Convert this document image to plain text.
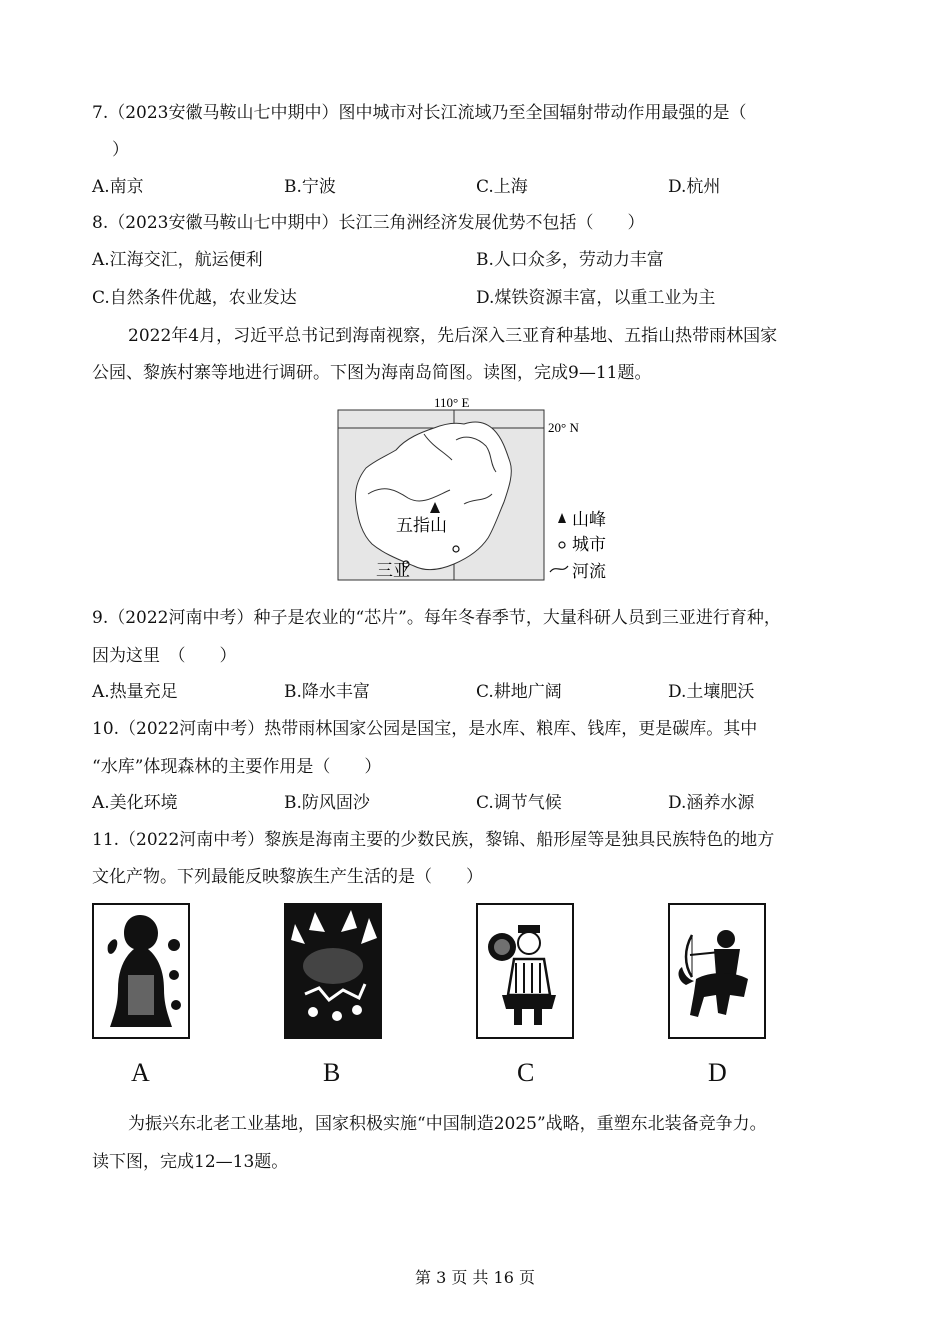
7.（2023安徽马鞍山七中期中）图中城市对长江流域乃至全国辐射带动作用最强的是（
）
A.南京	B.宁波	C.上海	D.杭州
8.（2023安徽马鞍山七中期中）长江三角洲经济发展优势不包括（　　）
A.江海交汇，航运便利	B.人口众多，劳动力丰富
C.自然条件优越，农业发达	D.煤铁资源丰富，以重工业为主
2022年4月，习近平总书记到海南视察，先后深入三亚育种基地、五指山热带雨林国家
公园、黎族村寨等地进行调研。下图为海南岛简图。读图，完成9—11题。
110° E
20° N
五指山
三亚
山峰
城市
河流
9.（2022河南中考）种子是农业的“芯片”。每年冬春季节，大量科研人员到三亚进行育种，
因为这里　（　　）
A.热量充足	B.降水丰富	C.耕地广阔	D.土壤肥沃
10.（2022河南中考）热带雨林国家公园是国宝，是水库、粮库、钱库，更是碳库。其中
“水库”体现森林的主要作用是（　　）
A.美化环境	B.防风固沙	C.调节气候	D.涵养水源
11.（2022河南中考）黎族是海南主要的少数民族，黎锦、船形屋等是独具民族特色的地方
文化产物。下列最能反映黎族生产生活的是（　　）
A	B	C	D
为振兴东北老工业基地，国家积极实施“中国制造2025”战略，重塑东北装备竞争力。
读下图，完成12—13题。
第 3 页 共 16 页
